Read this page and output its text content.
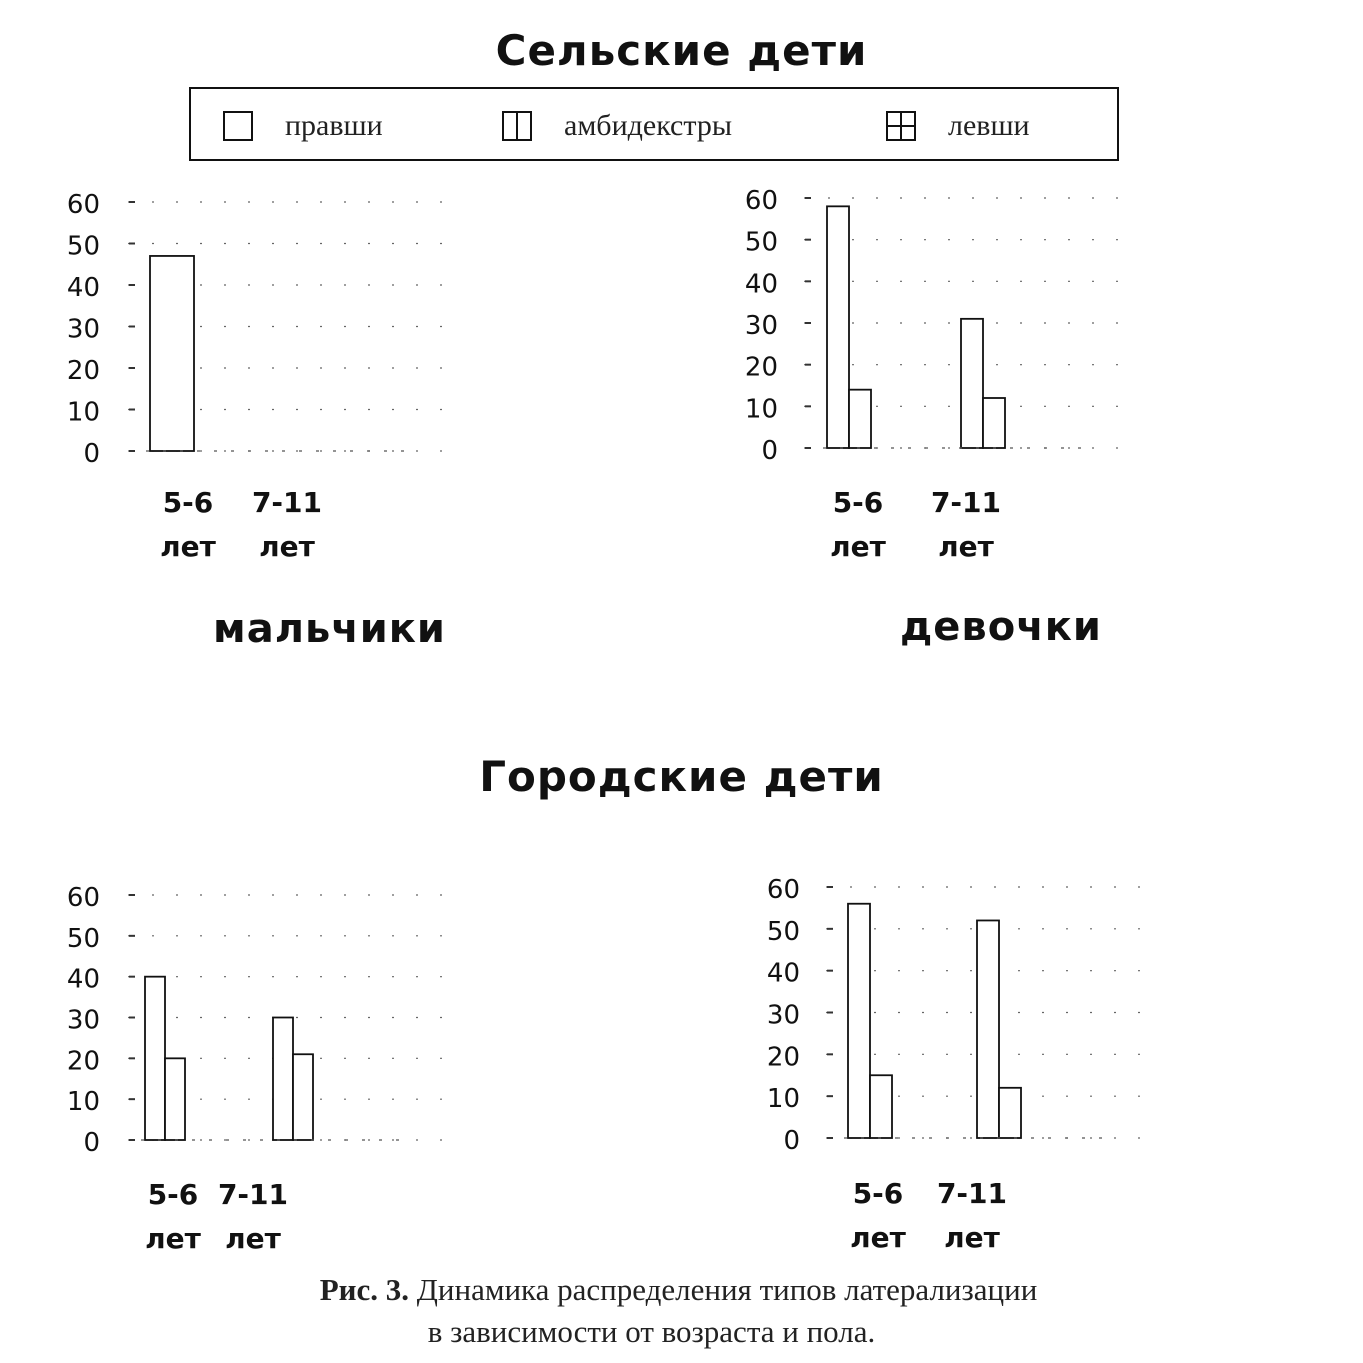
Сельские дети
правши	амбидекстры	левши
0
10
20
30
40
50
60
5-6 лет
7-11 лет
0
10
20
30
40
50
60
5-6 лет
7-11 лет
0
10
20
30
40
50
60
5-6 лет
7-11 лет
0
10
20
30
40
50
60
5-6 лет
7-11 лет
мальчики	девочки
Городские дети
Рис. 3. Динамика распределения типов латерализации
в зависимости от возраста и пола.
